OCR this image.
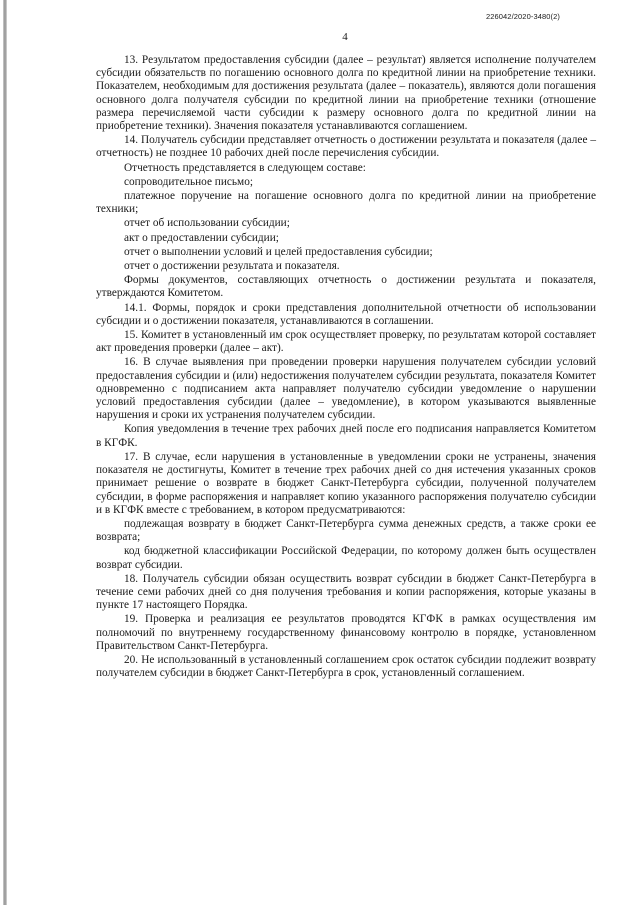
226042/2020-3480(2)
4

13. Результатом предоставления субсидии (далее – результат) является исполнение получателем субсидии обязательств по погашению основного долга по кредитной линии на приобретение техники. Показателем, необходимым для достижения результата (далее – показатель), являются доли погашения основного долга получателя субсидии по кредитной линии на приобретение техники (отношение размера перечисляемой части субсидии к размеру основного долга по кредитной линии на приобретение техники). Значения показателя устанавливаются соглашением.

14. Получатель субсидии представляет отчетность о достижении результата и показателя (далее – отчетность) не позднее 10 рабочих дней после перечисления субсидии.

Отчетность представляется в следующем составе:

сопроводительное письмо;

платежное поручение на погашение основного долга по кредитной линии на приобретение техники;

отчет об использовании субсидии;

акт о предоставлении субсидии;

отчет о выполнении условий и целей предоставления субсидии;

отчет о достижении результата и показателя.

Формы документов, составляющих отчетность о достижении результата и показателя, утверждаются Комитетом.

14.1. Формы, порядок и сроки представления дополнительной отчетности об использовании субсидии и о достижении показателя, устанавливаются в соглашении.

15. Комитет в установленный им срок осуществляет проверку, по результатам которой составляет акт проведения проверки (далее – акт).

16. В случае выявления при проведении проверки нарушения получателем субсидии условий предоставления субсидии и (или) недостижения получателем субсидии результата, показателя Комитет одновременно с подписанием акта направляет получателю субсидии уведомление о нарушении условий предоставления субсидии (далее – уведомление), в котором указываются выявленные нарушения и сроки их устранения получателем субсидии.

Копия уведомления в течение трех рабочих дней после его подписания направляется Комитетом в КГФК.

17. В случае, если нарушения в установленные в уведомлении сроки не устранены, значения показателя не достигнуты, Комитет в течение трех рабочих дней со дня истечения указанных сроков принимает решение о возврате в бюджет Санкт-Петербурга субсидии, полученной получателем субсидии, в форме распоряжения и направляет копию указанного распоряжения получателю субсидии и в КГФК вместе с требованием, в котором предусматриваются:

подлежащая возврату в бюджет Санкт-Петербурга сумма денежных средств, а также сроки ее возврата;

код бюджетной классификации Российской Федерации, по которому должен быть осуществлен возврат субсидии.

18. Получатель субсидии обязан осуществить возврат субсидии в бюджет Санкт-Петербурга в течение семи рабочих дней со дня получения требования и копии распоряжения, которые указаны в пункте 17 настоящего Порядка.

19. Проверка и реализация ее результатов проводятся КГФК в рамках осуществления им полномочий по внутреннему государственному финансовому контролю в порядке, установленном Правительством Санкт-Петербурга.

20. Не использованный в установленный соглашением срок остаток субсидии подлежит возврату получателем субсидии в бюджет Санкт-Петербурга в срок, установленный соглашением.
